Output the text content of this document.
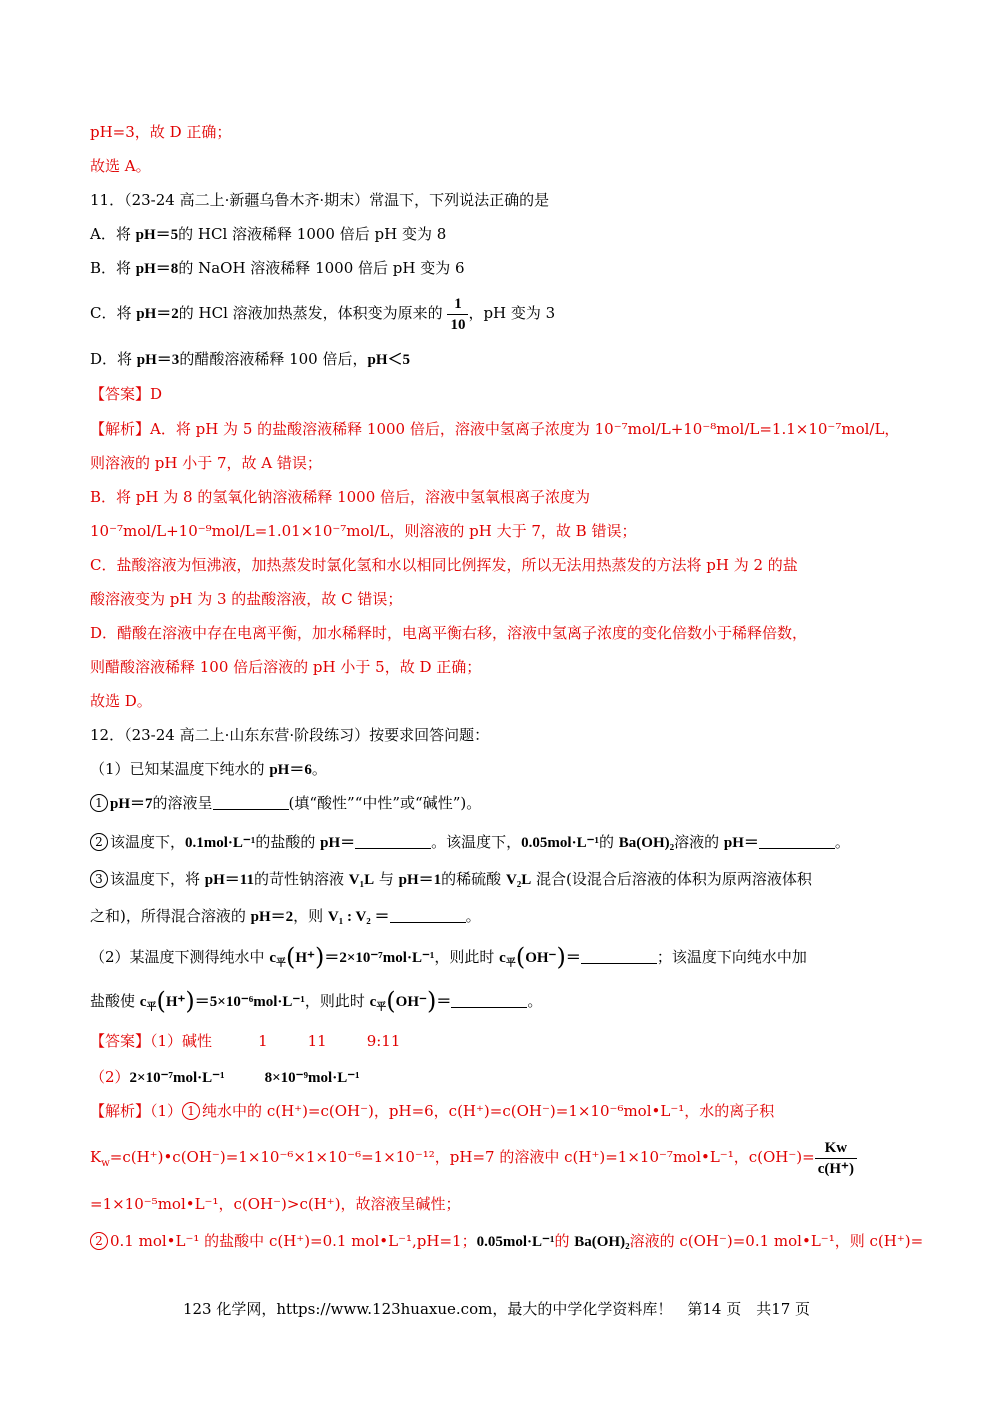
pH=3，故 D 正确；
故选 A。
11．（23-24 高二上·新疆乌鲁木齐·期末）常温下，下列说法正确的是
A．将 pH＝5的 HCl 溶液稀释 1000 倍后 pH 变为 8
B．将 pH＝8的 NaOH 溶液稀释 1000 倍后 pH 变为 6
C．将 pH＝2的 HCl 溶液加热蒸发，体积变为原来的 $\frac{1}{10}$ ，pH 变为 3
D．将 pH＝3的醋酸溶液稀释 100 倍后，pH＜5
【答案】D
【解析】A．将 pH 为 5 的盐酸溶液稀释 1000 倍后，溶液中氢离子浓度为 10⁻⁷mol/L+10⁻⁸mol/L=1.1×10⁻⁷mol/L，
则溶液的 pH 小于 7，故 A 错误；
B．将 pH 为 8 的氢氧化钠溶液稀释 1000 倍后，溶液中氢氧根离子浓度为
10⁻⁷mol/L+10⁻⁹mol/L=1.01×10⁻⁷mol/L，则溶液的 pH 大于 7，故 B 错误；
C．盐酸溶液为恒沸液，加热蒸发时氯化氢和水以相同比例挥发，所以无法用热蒸发的方法将 pH 为 2 的盐
酸溶液变为 pH 为 3 的盐酸溶液，故 C 错误；
D．醋酸在溶液中存在电离平衡，加水稀释时，电离平衡右移，溶液中氢离子浓度的变化倍数小于稀释倍数，
则醋酸溶液稀释 100 倍后溶液的 pH 小于 5，故 D 正确；
故选 D。
12．（23-24 高二上·山东东营·阶段练习）按要求回答问题：
（1）已知某温度下纯水的 pH＝6。
1 pH＝7的溶液呈	(填“酸性”“中性”或“碱性”)。
2 该温度下，0.1mol·L⁻¹的盐酸的 pH＝	。该温度下，0.05mol·L⁻¹的 Ba(OH)₂溶液的 pH＝	。
3 该温度下，将 pH＝11的苛性钠溶液 V₁L 与 pH＝1的稀硫酸 V₂L 混合(设混合后溶液的体积为原两溶液体积
之和)，所得混合溶液的 pH＝2，则 V₁ : V₂ ＝	。
（2）某温度下测得纯水中 $c_平(H^+)=2\times 10^{-7}mol\cdot L^{-1}$，则此时 $c_平(OH^-)=$	；该温度下向纯水中加
盐酸使 $c_平(H^+)=5\times 10^{-6}mol\cdot L^{-1}$，则此时 $c_平(OH^-)=$	。
【答案】（1）碱性	1	11	9:11
（2）2×10⁻⁷mol·L⁻¹	8×10⁻⁹mol·L⁻¹
【解析】（1） 1 纯水中的 c(H⁺)=c(OH⁻)，pH=6，c(H⁺)=c(OH⁻)=1×10⁻⁶mol•L⁻¹，水的离子积
$K_w=c(H^+)•c(OH^-)=1\times 10^{-6}\times 1\times 10^{-6}=1\times 10^{-12}$，pH=7 的溶液中 c(H⁺)=1×10⁻⁷mol•L⁻¹，$c(OH^-)= \frac{Kw}{c(H^+)}$
=1×10⁻⁵mol•L⁻¹，c(OH⁻)>c(H⁺)，故溶液呈碱性；
2 0.1 mol•L⁻¹ 的盐酸中 c(H⁺)=0.1 mol•L⁻¹,pH=1；0.05mol·L⁻¹的 Ba(OH)₂溶液的 c(OH⁻)=0.1 mol•L⁻¹，则 c(H⁺)=
123 化学网，https://www.123huaxue.com，最大的中学化学资料库！　第14 页　共17 页
